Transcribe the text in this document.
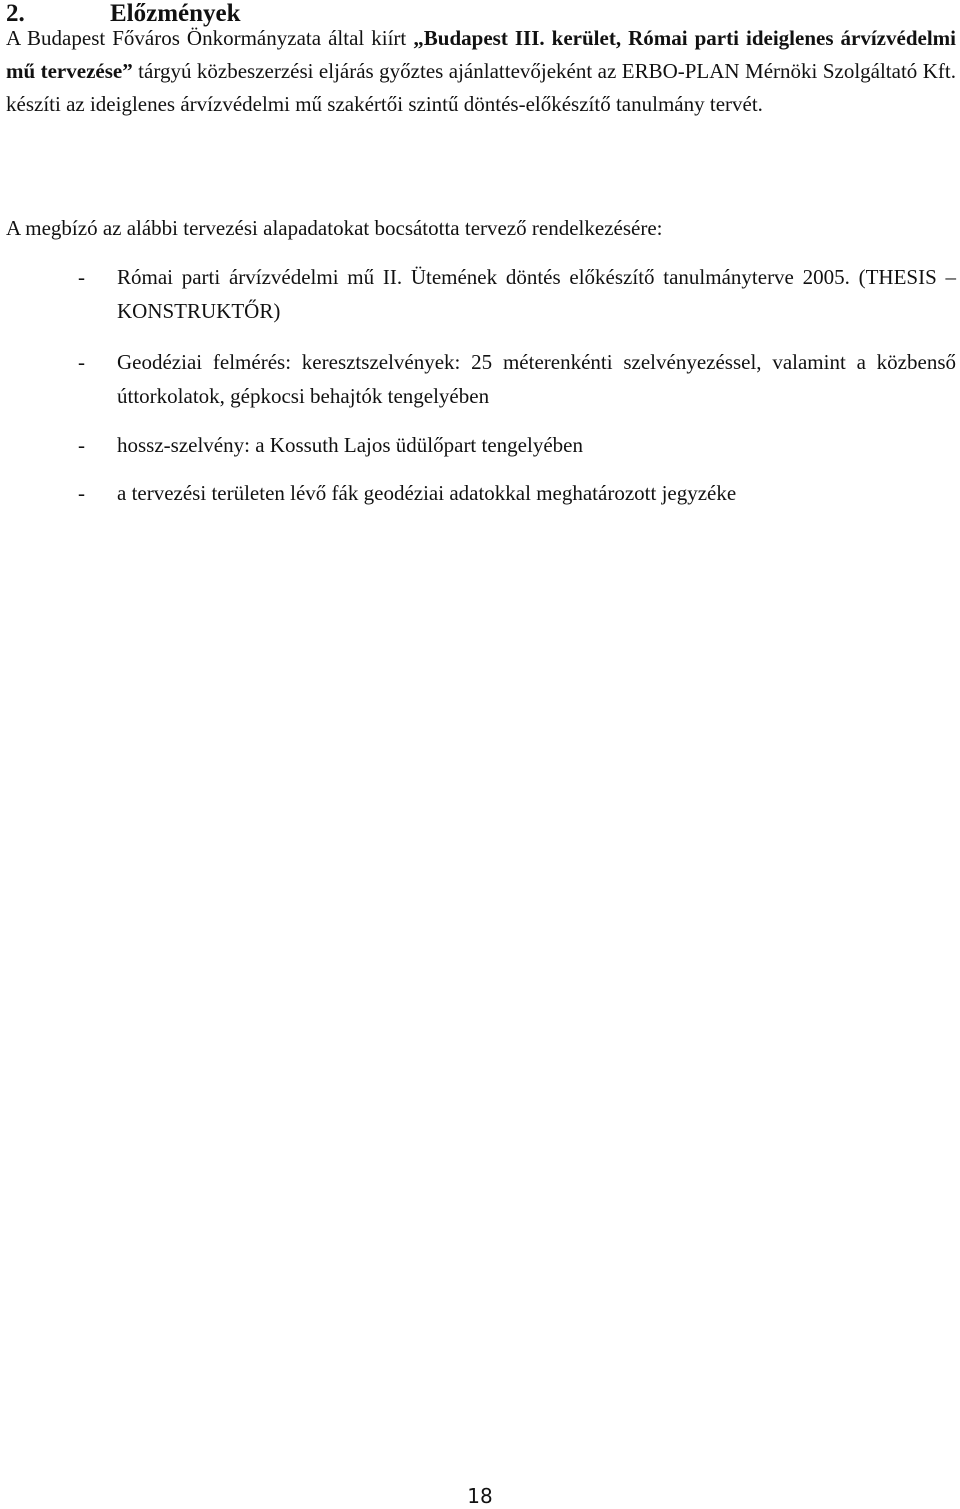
2.	Előzmények

A Budapest Főváros Önkormányzata által kiírt „Budapest III. kerület, Római parti ideiglenes árvízvédelmi mű tervezése” tárgyú közbeszerzési eljárás győztes ajánlattevőjeként az ERBO-PLAN Mérnöki Szolgáltató Kft. készíti az ideiglenes árvízvédelmi mű szakértői szintű döntés-előkészítő tanulmány tervét.

A megbízó az alábbi tervezési alapadatokat bocsátotta tervező rendelkezésére:

- Római parti árvízvédelmi mű II. Ütemének döntés előkészítő tanulmányterve 2005. (THESIS – KONSTRUKTŐR)
- Geodéziai felmérés: keresztszelvények: 25 méterenkénti szelvényezéssel, valamint a közbenső úttorkolatok, gépkocsi behajtók tengelyében
- hossz-szelvény: a Kossuth Lajos üdülőpart tengelyében
- a tervezési területen lévő fák geodéziai adatokkal meghatározott jegyzéke
18
